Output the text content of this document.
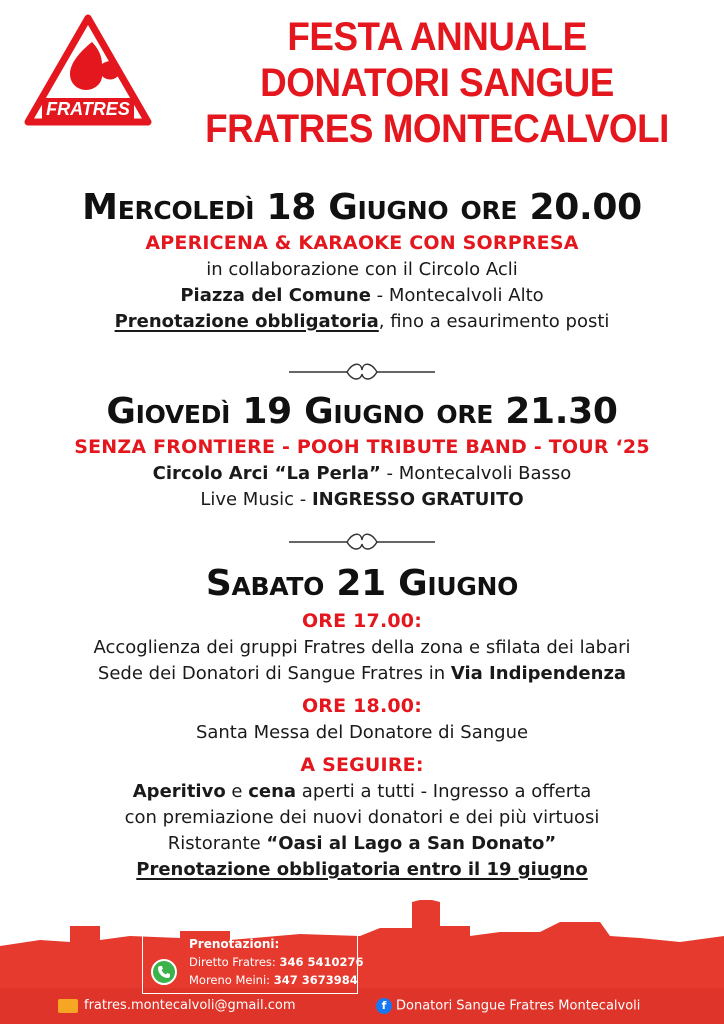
FRATRES
FESTA ANNUALE
DONATORI SANGUE
FRATRES MONTECALVOLI
Mercoledì 18 Giugno ore 20.00
APERICENA & KARAOKE CON SORPRESA
in collaborazione con il Circolo Acli
Piazza del Comune - Montecalvoli Alto
Prenotazione obbligatoria, fino a esaurimento posti
Giovedì 19 Giugno ore 21.30
SENZA FRONTIERE - POOH TRIBUTE BAND - TOUR ‘25
Circolo Arci “La Perla” - Montecalvoli Basso
Live Music - INGRESSO GRATUITO
Sabato 21 Giugno
ORE 17.00:
Accoglienza dei gruppi Fratres della zona e sfilata dei labari
Sede dei Donatori di Sangue Fratres in Via Indipendenza
ORE 18.00:
Santa Messa del Donatore di Sangue
A SEGUIRE:
Aperitivo e cena aperti a tutti - Ingresso a offerta
con premiazione dei nuovi donatori e dei più virtuosi
Ristorante “Oasi al Lago a San Donato”
Prenotazione obbligatoria entro il 19 giugno
Prenotazioni:
Diretto Fratres: 346 5410276
Moreno Meini: 347 3673984
fratres.montecalvoli@gmail.com	f Donatori Sangue Fratres Montecalvoli
